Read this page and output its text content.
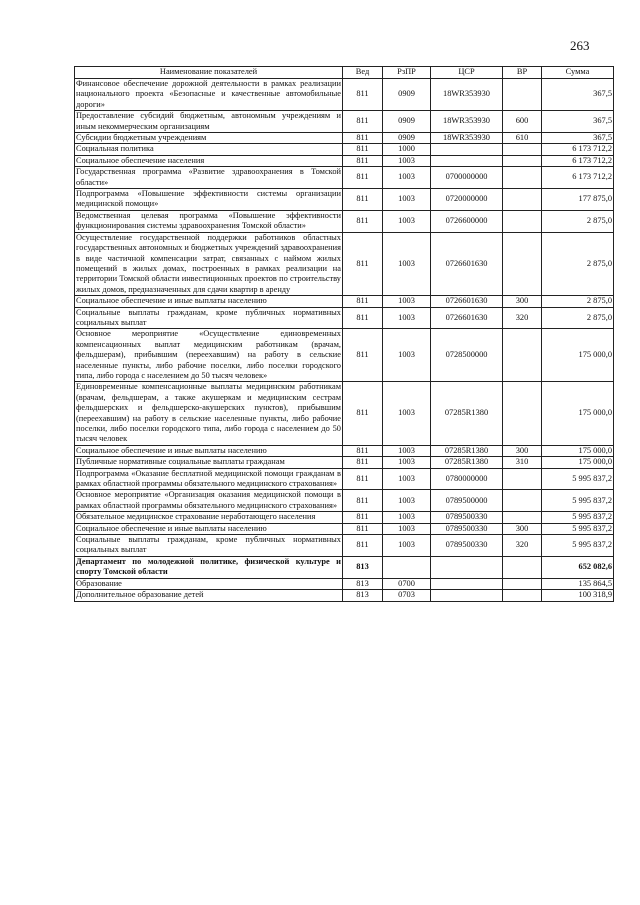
263
Наименование показателей	Вед	РзПР	ЦСР	ВР	Сумма
Финансовое обеспечение дорожной деятельности в рамках реализации национального проекта «Безопасные и качественные автомобильные дороги»	811	0909	18WR353930		367,5
Предоставление субсидий бюджетным, автономным учреждениям и иным некоммерческим организациям	811	0909	18WR353930	600	367,5
Субсидии бюджетным учреждениям	811	0909	18WR353930	610	367,5
Социальная политика	811	1000			6 173 712,2
Социальное обеспечение населения	811	1003			6 173 712,2
Государственная программа «Развитие здравоохранения в Томской области»	811	1003	0700000000		6 173 712,2
Подпрограмма «Повышение эффективности системы организации медицинской помощи»	811	1003	0720000000		177 875,0
Ведомственная целевая программа «Повышение эффективности функционирования системы здравоохранения Томской области»	811	1003	0726600000		2 875,0
Осуществление государственной поддержки работников областных государственных автономных и бюджетных учреждений здравоохранения в виде частичной компенсации затрат, связанных с наймом жилых помещений в жилых домах, построенных в рамках реализации на территории Томской области инвестиционных проектов по строительству жилых домов, предназначенных для сдачи квартир в аренду	811	1003	0726601630		2 875,0
Социальное обеспечение и иные выплаты населению	811	1003	0726601630	300	2 875,0
Социальные выплаты гражданам, кроме публичных нормативных социальных выплат	811	1003	0726601630	320	2 875,0
Основное мероприятие «Осуществление единовременных компенсационных выплат медицинским работникам (врачам, фельдшерам), прибывшим (переехавшим) на работу в сельские населенные пункты, либо рабочие поселки, либо поселки городского типа, либо города с населением до 50 тысяч человек»	811	1003	0728500000		175 000,0
Единовременные компенсационные выплаты медицинским работникам (врачам, фельдшерам, а также акушеркам и медицинским сестрам фельдшерских и фельдшерско-акушерских пунктов), прибывшим (переехавшим) на работу в сельские населенные пункты, либо рабочие поселки, либо поселки городского типа, либо города с населением до 50 тысяч человек	811	1003	07285R1380		175 000,0
Социальное обеспечение и иные выплаты населению	811	1003	07285R1380	300	175 000,0
Публичные нормативные социальные выплаты гражданам	811	1003	07285R1380	310	175 000,0
Подпрограмма «Оказание бесплатной медицинской помощи гражданам в рамках областной программы обязательного медицинского страхования»	811	1003	0780000000		5 995 837,2
Основное мероприятие «Организация оказания медицинской помощи в рамках областной программы обязательного медицинского страхования»	811	1003	0789500000		5 995 837,2
Обязательное медицинское страхование неработающего населения	811	1003	0789500330		5 995 837,2
Социальное обеспечение и иные выплаты населению	811	1003	0789500330	300	5 995 837,2
Социальные выплаты гражданам, кроме публичных нормативных социальных выплат	811	1003	0789500330	320	5 995 837,2
Департамент по молодежной политике, физической культуре и спорту Томской области	813				652 082,6
Образование	813	0700			135 864,5
Дополнительное образование детей	813	0703			100 318,9
